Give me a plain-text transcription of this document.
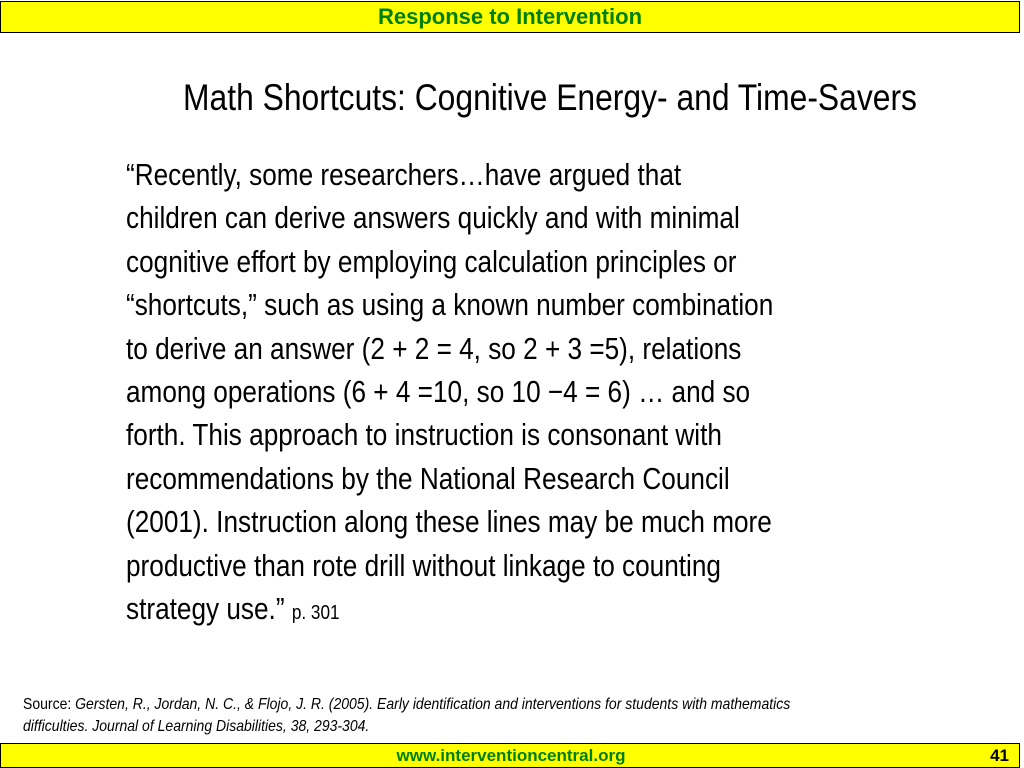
Response to Intervention
Math Shortcuts: Cognitive Energy- and Time-Savers
“Recently, some researchers…have argued that
children can derive answers quickly and with minimal
cognitive effort by employing calculation principles or
“shortcuts,” such as using a known number combination
to derive an answer (2 + 2 = 4, so 2 + 3 =5), relations
among operations (6 + 4 =10, so 10 −4 = 6) … and so
forth. This approach to instruction is consonant with
recommendations by the National Research Council
(2001). Instruction along these lines may be much more
productive than rote drill without linkage to counting
strategy use.” p. 301
Source: Gersten, R., Jordan, N. C., & Flojo, J. R. (2005). Early identification and interventions for students with mathematics
difficulties. Journal of Learning Disabilities, 38, 293-304.
www.interventioncentral.org	41
